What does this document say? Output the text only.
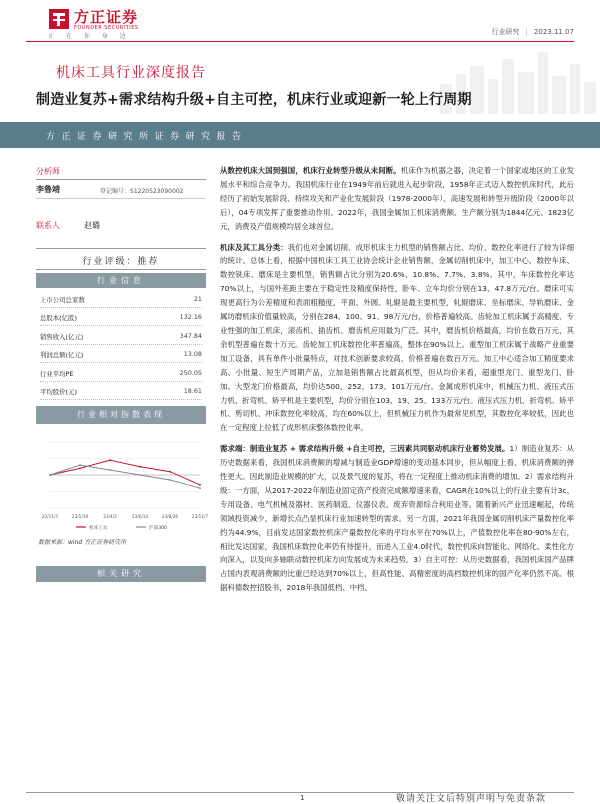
方正证券
FOUNDER SECURITIES
正 在 你 身 边
行业研究 | 2023.11.07
机床工具行业深度报告
制造业复苏+需求结构升级+自主可控，机床行业或迎新一轮上行周期
方正证券研究所证券研究报告
分析师
李鲁靖	登记编号：S1220523090002
联系人	赵璐
行业评级：推荐
行业信息
上市公司总家数	21
总股本(亿股)	132.16
销售收入(亿元)	347.84
利润总额(亿元)	13.08
行业平均PE	250.05
平均股价(元)	18.61
行业相对指数表现
22/11/7	23/1/19	23/4/2	23/6/14	23/8/26	23/11/7
机床工具	沪深300
数据来源：wind 方正证券研究所
相关研究

从数控机床大国到强国，机床行业转型升级从未间断。机床作为机器之器，决定着一个国家或地区的工业发展水平和综合竞争力。我国机床行业在1949年前后就进入起步阶段，1958年正式迈入数控机床时代，此后经历了初始发展阶段、持续攻关和产业化发展阶段（1978-2000年）、高速发展和转型升级阶段（2000年以后），04专项发挥了重要推动作用。2022年，我国金属加工机床消费额、生产额分别为1844亿元、1823亿元，消费及产值规模均居全球首位。

机床及其工具分类：我们也对金属切削、成形机床主力机型的销售额占比、均价、数控化率进行了较为详细的统计。总体上看，根据中国机床工具工业协会统计企业销售额，金属切削机床中，加工中心、数控车床、数控铣床、磨床是主要机型，销售额占比分别为20.6%、10.8%、7.7%、3.8%。其中，车床数控化率达70%以上，与国外差距主要在于稳定性及精度保持性，卧车、立车均价分别在13、47.8万元/台。磨床可实现更高行为公差精度和表面粗糙度，平面、外圆、轧辊是最主要机型，轧辊磨床、坐标磨床、导轨磨床、金属坊磨机床价值量较高，分别在284、100、91、98万元/台，价格普遍较高。齿轮加工机床属于高精度、专业性强的加工机床，滚齿机、插齿机、磨齿机应用最为广泛。其中，磨齿机价格最高，均价在数百万元，其余机型普遍在数十万元。齿轮加工机床数控化率普遍高，整体在90%以上。重型加工机床属于战略产业重要加工设备，具有单件小批量特点，对技术创新要求较高，价格普遍在数百万元。加工中心适合加工精度要求高、小批量、短生产周期产品，立加是销售额占比最高机型，但从均价来看，超重型龙门、重型龙门、卧加、大型龙门价格最高，均价达500、252、173、101万元/台。金属成形机床中，机械压力机、液压式压力机、折弯机、矫平机是主要机型，均价分别在103、19、25、133万元/台。液压式压力机、折弯机、矫平机、剪切机、冲床数控化率较高，均在60%以上，但机械压力机作为最常见机型，其数控化率较低，因此也在一定程度上拉低了成形机床整体数控化率。

需求端：制造业复苏 + 需求结构升级 +自主可控，三因素共同驱动机床行业蓄势发展。1）制造业复苏：从历史数据来看，我国机床消费额的增减与制造业GDP增速的变动基本同步，但从幅度上看，机床消费额的弹性更大。因此制造业规模的扩大，以及景气度的复苏，将在一定程度上推动机床消费的增加。2）需求结构升级：一方面，从2017-2022年制造业固定资产投资完成额增速来看，CAGR在10%以上的行业主要有计3c、专用设备、电气机械及器材、医药制造、仪器仪表、废弃资源综合利用业等。随着新兴产业迅速崛起，传统领域投资减少，新增长点凸显机床行业加速转型的需求。另一方面，2021年我国金属切削机床产量数控化率约为44.9%，目前发达国家数控机床产量数控化率的平均水平在70%以上，产值数控化率在80-90%左右，相比发达国家，我国机床数控化率仍有待提升，而进入工业4.0时代，数控机床向智能化、网络化、柔性化方向深入，以及向多轴联动数控机床方向发展成为未来趋势。3）自主可控：从历史数据看，我国机床国产品牌占国内表观消费额的比重已经达到70%以上，但高性能、高精密度的高档数控机床的国产化率仍然不高。根据科德数控招股书，2018年我国低档、中档、

1	敬请关注文后特别声明与免责条款
